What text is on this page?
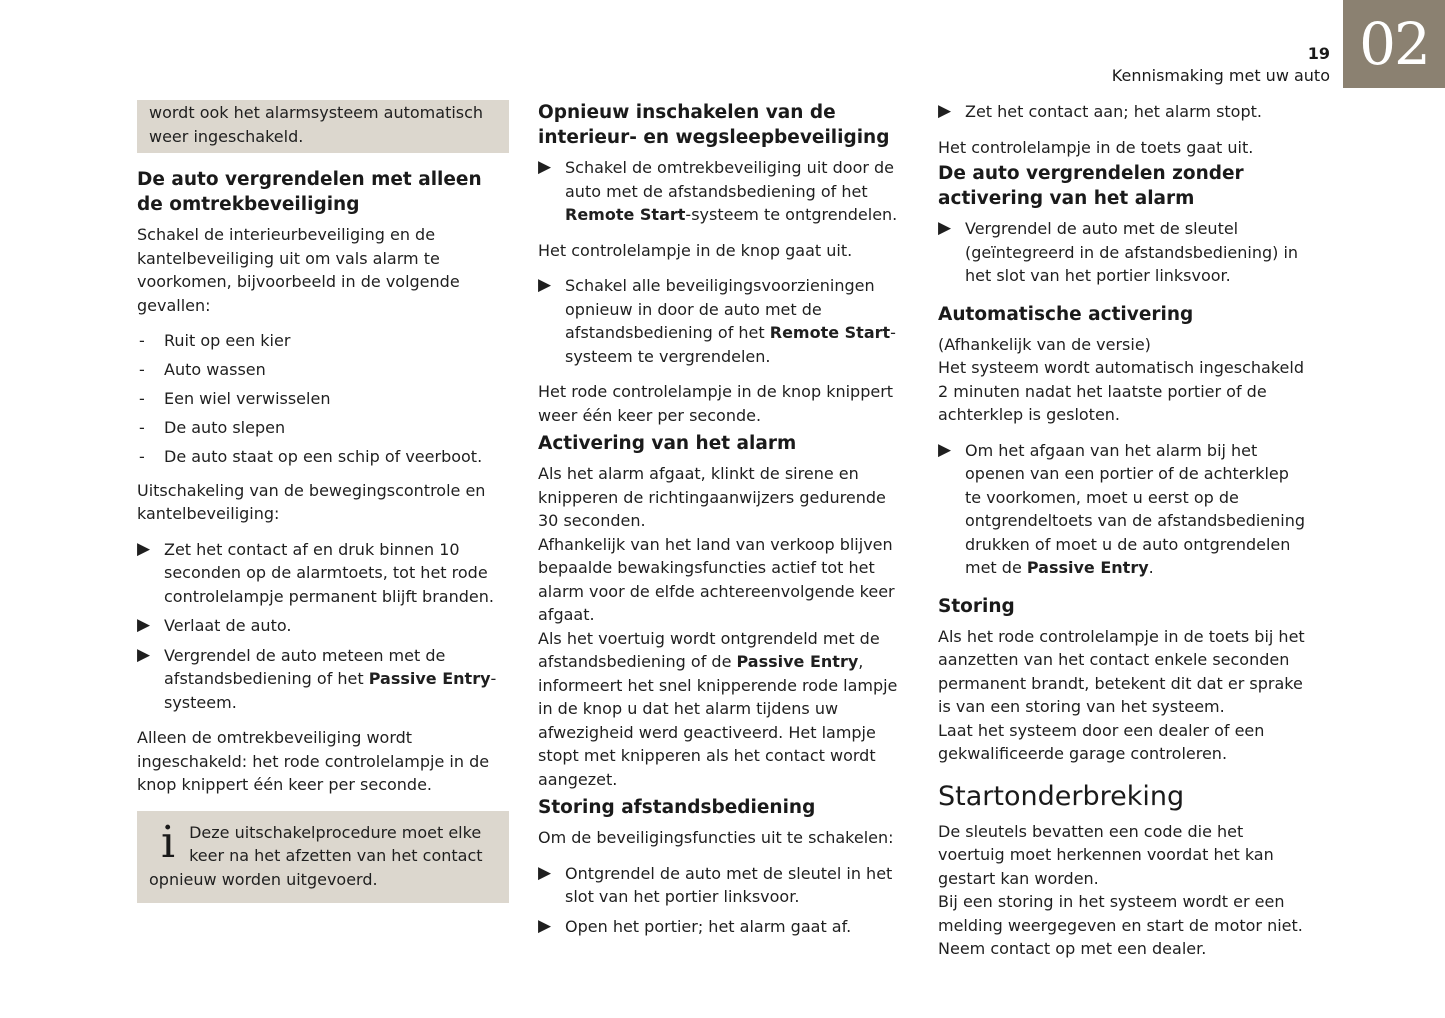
19
Kennismaking met uw auto 02
wordt ook het alarmsysteem automatisch weer ingeschakeld.
De auto vergrendelen met alleen de omtrekbeveiliging

Schakel de interieurbeveiliging en de kantelbeveiliging uit om vals alarm te voorkomen, bijvoorbeeld in de volgende gevallen:

- Ruit op een kier
- Auto wassen
- Een wiel verwisselen
- De auto slepen
- De auto staat op een schip of veerboot.

Uitschakeling van de bewegingscontrole en kantelbeveiliging:

▶ Zet het contact af en druk binnen 10 seconden op de alarmtoets, tot het rode controlelampje permanent blijft branden.
▶ Verlaat de auto.
▶ Vergrendel de auto meteen met de afstandsbediening of het Passive Entry-systeem.

Alleen de omtrekbeveiliging wordt ingeschakeld: het rode controlelampje in de knop knippert één keer per seconde.

i Deze uitschakelprocedure moet elke keer na het afzetten van het contact opnieuw worden uitgevoerd.
Opnieuw inschakelen van de interieur- en wegsleepbeveiliging
▶ Schakel de omtrekbeveiliging uit door de auto met de afstandsbediening of het Remote Start-systeem te ontgrendelen.

Het controlelampje in de knop gaat uit.

▶ Schakel alle beveiligingsvoorzieningen opnieuw in door de auto met de afstandsbediening of het Remote Start-systeem te vergrendelen.

Het rode controlelampje in de knop knippert weer één keer per seconde.

Activering van het alarm
Als het alarm afgaat, klinkt de sirene en knipperen de richtingaanwijzers gedurende 30 seconden.
Afhankelijk van het land van verkoop blijven bepaalde bewakingsfuncties actief tot het alarm voor de elfde achtereenvolgende keer afgaat.

Als het voertuig wordt ontgrendeld met de afstandsbediening of de Passive Entry, informeert het snel knipperende rode lampje in de knop u dat het alarm tijdens uw afwezigheid werd geactiveerd. Het lampje stopt met knipperen als het contact wordt aangezet.

Storing afstandsbediening

Om de beveiligingsfuncties uit te schakelen:

▶ Ontgrendel de auto met de sleutel in het slot van het portier linksvoor.
▶ Open het portier; het alarm gaat af.
▶ Zet het contact aan; het alarm stopt.

Het controlelampje in de toets gaat uit.

De auto vergrendelen zonder activering van het alarm
▶ Vergrendel de auto met de sleutel (geïntegreerd in de afstandsbediening) in het slot van het portier linksvoor.
Automatische activering
(Afhankelijk van de versie)

Het systeem wordt automatisch ingeschakeld 2 minuten nadat het laatste portier of de achterklep is gesloten.

▶ Om het afgaan van het alarm bij het openen van een portier of de achterklep te voorkomen, moet u eerst op de ontgrendeltoets van de afstandsbediening drukken of moet u de auto ontgrendelen met de Passive Entry.
Storing
Als het rode controlelampje in de toets bij het aanzetten van het contact enkele seconden permanent brandt, betekent dit dat er sprake is van een storing van het systeem.

Laat het systeem door een dealer of een gekwalificeerde garage controleren.

Startonderbreking
De sleutels bevatten een code die het voertuig moet herkennen voordat het kan gestart kan worden.
Bij een storing in het systeem wordt er een melding weergegeven en start de motor niet.
Neem contact op met een dealer.
